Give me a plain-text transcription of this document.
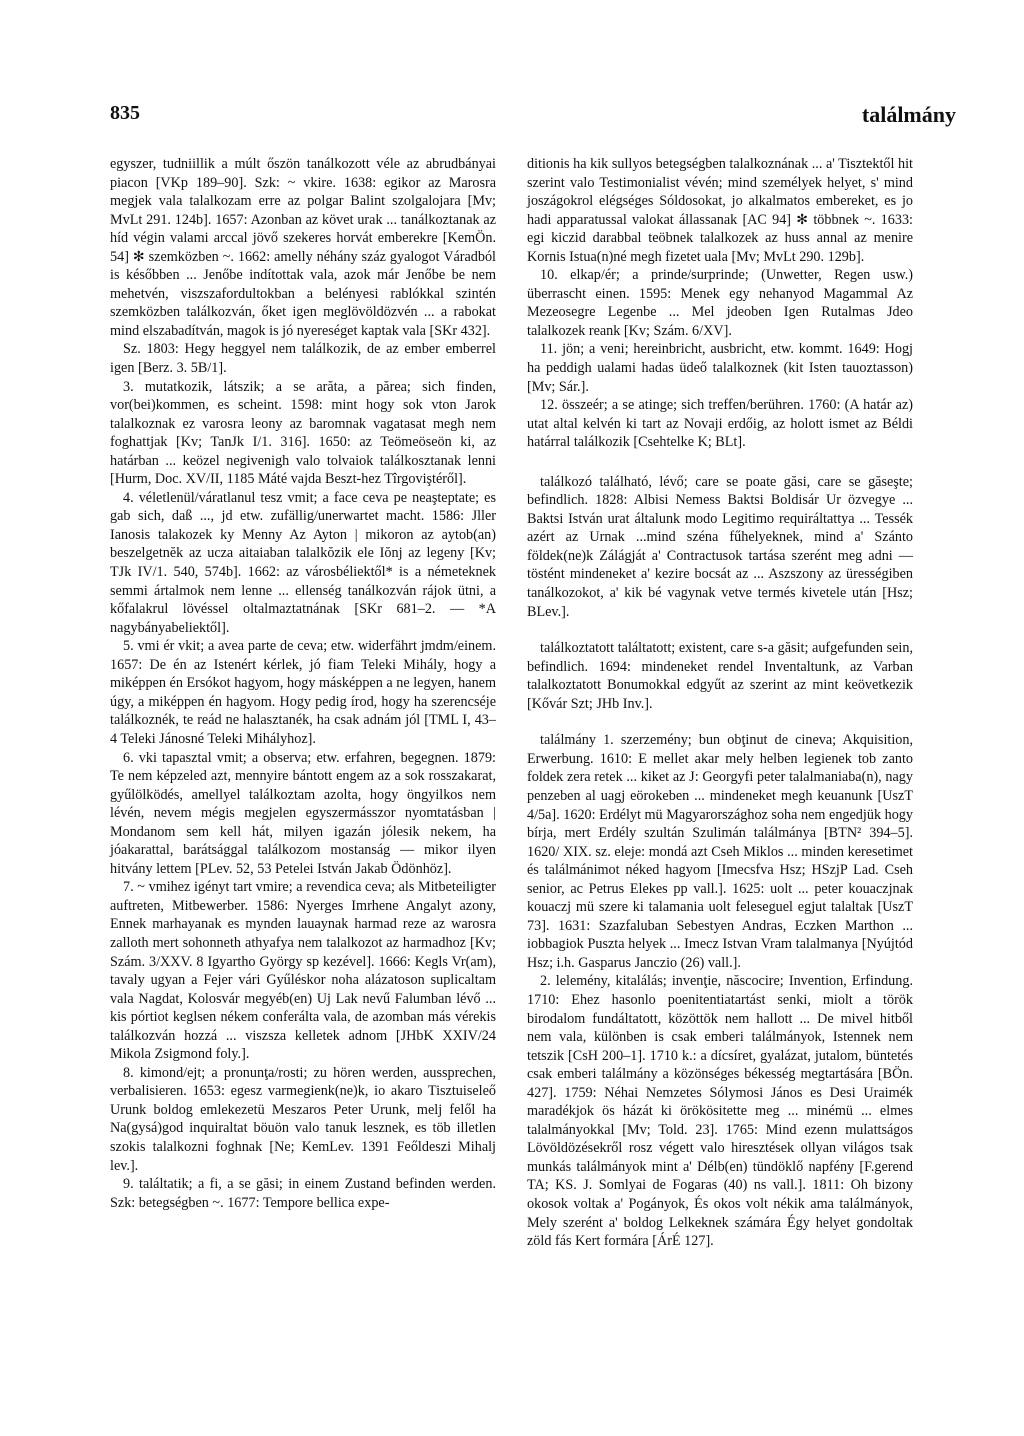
835	találmány

egyszer, tudniillik a múlt őszön tanálkozott véle az abrudbányai piacon [VKp 189–90]. Szk: ~ vkire. 1638: egikor az Marosra megjek vala talalkozam erre az polgar Balint szolgalojara [Mv; MvLt 291. 124b]. 1657: Azonban az követ urak ... tanálkoztanak az híd végin valami arccal jövő szekeres horvát emberekre [KemÖn. 54] ✻ szemközben ~. 1662: amelly néhány száz gyalogot Váradból is későbben ... Jenőbe indítottak vala, azok már Jenőbe be nem mehetvén, viszszafordultokban a belényesi rablókkal szintén szemközben találkozván, őket igen meglövöldözvén ... a rabokat mind elszabadítván, magok is jó nyereséget kaptak vala [SKr 432].

Sz. 1803: Hegy heggyel nem találkozik, de az ember emberrel igen [Berz. 3. 5B/1].

3. mutatkozik, látszik; a se arăta, a părea; sich finden, vor(bei)kommen, es scheint. 1598: mint hogy sok vton Jarok talalkoznak ez varosra leony az baromnak vagatasat megh nem foghattjak [Kv; TanJk I/1. 316]. 1650: az Teömeöseön ki, az határban ... keözel negivenigh valo tolvaiok találkosztanak lenni [Hurm, Doc. XV/II, 1185 Máté vajda Beszt-hez Tîrgoviştéről].

4. véletlenül/váratlanul tesz vmit; a face ceva pe neaşteptate; es gab sich, daß ..., jd etw. zufällig/unerwartet macht. 1586: Jller Ianosis talakozek ky Menny Az Ayton | mikoron az aytob(an) beszelgetnĕk az ucza aitaiaban talalkŏzik ele Iŏnj az legeny [Kv; TJk IV/1. 540, 574b]. 1662: az városbéliektől* is a németeknek semmi ártalmok nem lenne ... ellenség tanálkozván rájok ütni, a kőfalakrul lövéssel oltalmaztatnának [SKr 681–2. — *A nagybányabeliektől].

5. vmi ér vkit; a avea parte de ceva; etw. widerfährt jmdm/einem. 1657: De én az Istenért kérlek, jó fiam Teleki Mihály, hogy a miképpen én Ersókot hagyom, hogy másképpen a ne legyen, hanem úgy, a miképpen én hagyom. Hogy pedig írod, hogy ha szerencséje találkoznék, te reád ne halasztanék, ha csak adnám jól [TML I, 43–4 Teleki Jánosné Teleki Mihályhoz].

6. vki tapasztal vmit; a observa; etw. erfahren, begegnen. 1879: Te nem képzeled azt, mennyire bántott engem az a sok rosszakarat, gyűlölködés, amellyel találkoztam azolta, hogy öngyilkos nem lévén, nevem mégis megjelen egyszermásszor nyomtatásban | Mondanom sem kell hát, milyen igazán jólesik nekem, ha jóakarattal, barátsággal találkozom mostanság — mikor ilyen hitvány lettem [PLev. 52, 53 Petelei István Jakab Ödönhöz].

7. ~ vmihez igényt tart vmire; a revendica ceva; als Mitbeteiligter auftreten, Mitbewerber. 1586: Nyerges Imrhene Angalyt azony, Ennek marhayanak es mynden lauaynak harmad reze az warosra zalloth mert sohonneth athyafya nem talalkozot az harmadhoz [Kv; Szám. 3/XXV. 8 Igyartho György sp kezével]. 1666: Kegls Vr(am), tavaly ugyan a Fejer vári Gyűléskor noha alázatoson suplicaltam vala Nagdat, Kolosvár megyéb(en) Uj Lak nevű Falumban lévő ... kis pórtiot keglsen nékem conferálta vala, de azomban más vérekis találkozván hozzá ... viszsza kelletek adnom [JHbK XXIV/24 Mikola Zsigmond foly.].

8. kimond/ejt; a pronunţa/rosti; zu hören werden, aussprechen, verbalisieren. 1653: egesz varmegienk(ne)k, io akaro Tisztuiseleő Urunk boldog emlekezetü Meszaros Peter Urunk, melj felől ha Na(gysá)god inquiraltat böuön valo tanuk lesznek, es töb illetlen szokis talalkozni foghnak [Ne; KemLev. 1391 Feőldeszi Mihalj lev.].

9. találtatik; a fi, a se găsi; in einem Zustand befinden werden. Szk: betegségben ~. 1677: Tempore bellica expe-

ditionis ha kik sullyos betegségben talalkoznának ... a' Tisztektől hit szerint valo Testimonialist vévén; mind személyek helyet, s' mind joszágokrol elégséges Sóldosokat, jo alkalmatos embereket, es jo hadi apparatussal valokat állassanak [AC 94] ✻ többnek ~. 1633: egi kiczid darabbal teöbnek talalkozek az huss annal az menire Kornis Istua(n)né megh fizetet uala [Mv; MvLt 290. 129b].

10. elkap/ér; a prinde/surprinde; (Unwetter, Regen usw.) überrascht einen. 1595: Menek egy nehanyod Magammal Az Mezeosegre Legenbe ... Mel jdeoben Igen Rutalmas Jdeo talalkozek reank [Kv; Szám. 6/XV].

11. jön; a veni; hereinbricht, ausbricht, etw. kommt. 1649: Hogj ha peddigh ualami hadas üdeő talalkoznek (kit Isten tauoztasson) [Mv; Sár.].

12. összeér; a se atinge; sich treffen/berühren. 1760: (A határ az) utat altal kelvén ki tart az Novaji erdőig, az holott ismet az Béldi határral találkozik [Csehtelke K; BLt].

találkozó található, lévő; care se poate găsi, care se găseşte; befindlich. 1828: Albisi Nemess Baktsi Boldisár Ur özvegye ... Baktsi István urat általunk modo Legitimo requiráltattya ... Tessék azért az Urnak ...mind széna fűhelyeknek, mind a' Szánto földek(ne)k Zálágját a' Contractusok tartása szerént meg adni — töstént mindeneket a' kezire bocsát az ... Aszszony az ürességiben tanálkozokot, a' kik bé vagynak vetve termés kivetele után [Hsz; BLev.].

találkoztatott találtatott; existent, care s-a găsit; aufgefunden sein, befindlich. 1694: mindeneket rendel Inventaltunk, az Varban talalkoztatott Bonumokkal edgyűt az szerint az mint keövetkezik [Kővár Szt; JHb Inv.].

találmány 1. szerzemény; bun obţinut de cineva; Akquisition, Erwerbung. 1610: E mellet akar mely helben legienek tob zanto foldek zera retek ... kiket az J: Georgyfi peter talalmaniaba(n), nagy penzeben al uagj eörokeben ... mindeneket megh keuanunk [UszT 4/5a]. 1620: Erdélyt mü Magyarországhoz soha nem engedjük hogy bírja, mert Erdély szultán Szulimán találmánya [BTN² 394–5]. 1620/ XIX. sz. eleje: mondá azt Cseh Miklos ... minden keresetimet és találmánimot néked hagyom [Imecsfva Hsz; HSzjP Lad. Cseh senior, ac Petrus Elekes pp vall.]. 1625: uolt ... peter kouaczjnak kouaczj mü szere ki talamania uolt feleseguel egjut talaltak [UszT 73]. 1631: Szazfaluban Sebestyen Andras, Eczken Marthon ... iobbagiok Puszta helyek ... Imecz Istvan Vram talalmanya [Nyújtód Hsz; i.h. Gasparus Janczio (26) vall.].

2. lelemény, kitalálás; invenţie, născocire; Invention, Erfindung. 1710: Ehez hasonlo poenitentiatartást senki, miolt a török birodalom fundáltatott, közöttök nem hallott ... De mivel hitből nem vala, különben is csak emberi találmányok, Istennek nem tetszik [CsH 200–1]. 1710 k.: a dícsíret, gyalázat, jutalom, büntetés csak emberi találmány a közönséges békesség megtartására [BÖn. 427]. 1759: Néhai Nemzetes Sólymosi János es Desi Uraimék maradékjok ös házát ki örökösitette meg ... minémü ... elmes talalmányokkal [Mv; Told. 23]. 1765: Mind ezenn mulattságos Lövöldözésekről rosz végett valo hiresztések ollyan világos tsak munkás találmányok mint a' Délb(en) tündöklő napfény [F.gerend TA; KS. J. Somlyai de Fogaras (40) ns vall.]. 1811: Oh bizony okosok voltak a' Pogányok, És okos volt nékik ama találmányok, Mely szerént a' boldog Lelkeknek számára Égy helyet gondoltak zöld fás Kert formára [ÁrÉ 127].
